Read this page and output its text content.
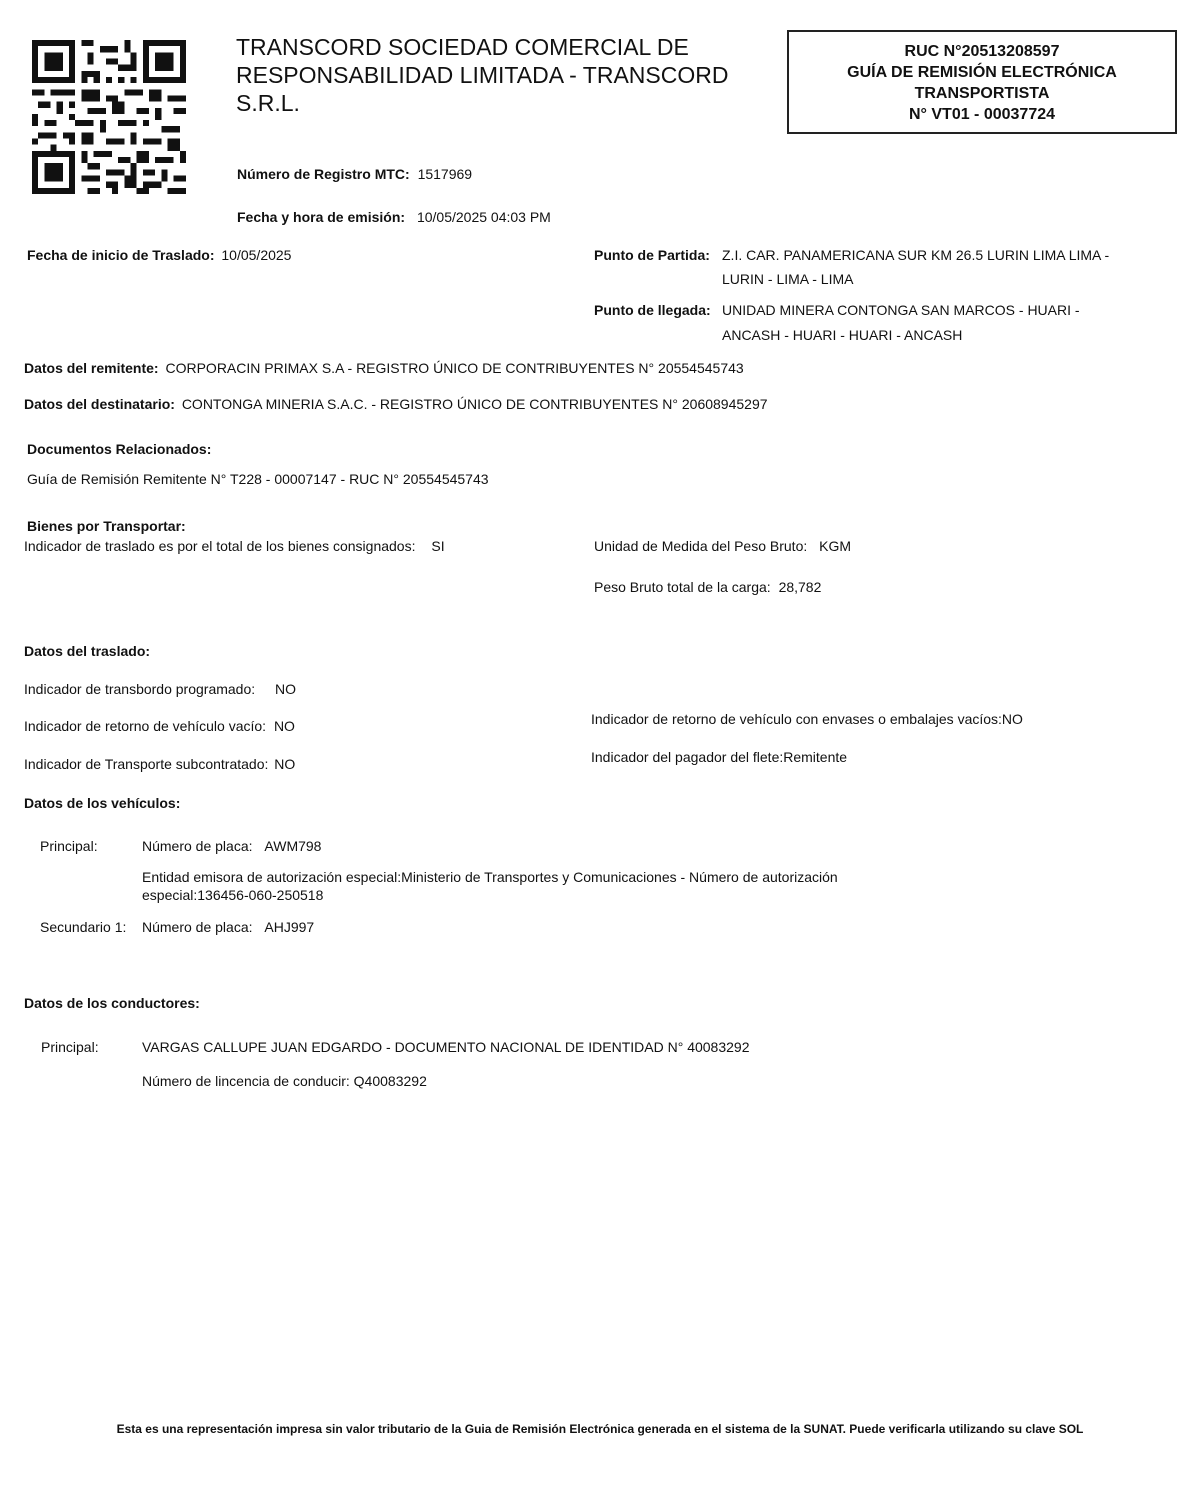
TRANSCORD SOCIEDAD COMERCIAL DE RESPONSABILIDAD LIMITADA - TRANSCORD S.R.L.
RUC N°20513208597
GUÍA DE REMISIÓN ELECTRÓNICA
TRANSPORTISTA
N° VT01 - 00037724
Número de Registro MTC: 1517969
Fecha y hora de emisión: 10/05/2025 04:03 PM
Fecha de inicio de Traslado: 10/05/2025	Punto de Partida: Z.I. CAR. PANAMERICANA SUR KM 26.5 LURIN LIMA LIMA -
LURIN - LIMA - LIMA
Punto de llegada: UNIDAD MINERA CONTONGA SAN MARCOS - HUARI -
ANCASH - HUARI - HUARI - ANCASH
Datos del remitente: CORPORACIN PRIMAX S.A - REGISTRO ÚNICO DE CONTRIBUYENTES N° 20554545743
Datos del destinatario: CONTONGA MINERIA S.A.C. - REGISTRO ÚNICO DE CONTRIBUYENTES N° 20608945297
Documentos Relacionados:
Guía de Remisión Remitente N° T228 - 00007147 - RUC N° 20554545743
Bienes por Transportar:
Indicador de traslado es por el total de los bienes consignados: SI	Unidad de Medida del Peso Bruto: KGM
Peso Bruto total de la carga: 28,782
Datos del traslado:
Indicador de transbordo programado: NO
Indicador de retorno de vehículo vacío: NO
Indicador de Transporte subcontratado: NO
Indicador de retorno de vehículo con envases o embalajes vacíos:NO
Indicador del pagador del flete:Remitente
Datos de los vehículos:
Principal:	Número de placa: AWM798
Entidad emisora de autorización especial:Ministerio de Transportes y Comunicaciones - Número de autorización
especial:136456-060-250518
Secundario 1: Número de placa: AHJ997
Datos de los conductores:
Principal:	VARGAS CALLUPE JUAN EDGARDO - DOCUMENTO NACIONAL DE IDENTIDAD N° 40083292
Número de lincencia de conducir: Q40083292
Esta es una representación impresa sin valor tributario de la Guia de Remisión Electrónica generada en el sistema de la SUNAT. Puede verificarla utilizando su clave SOL
